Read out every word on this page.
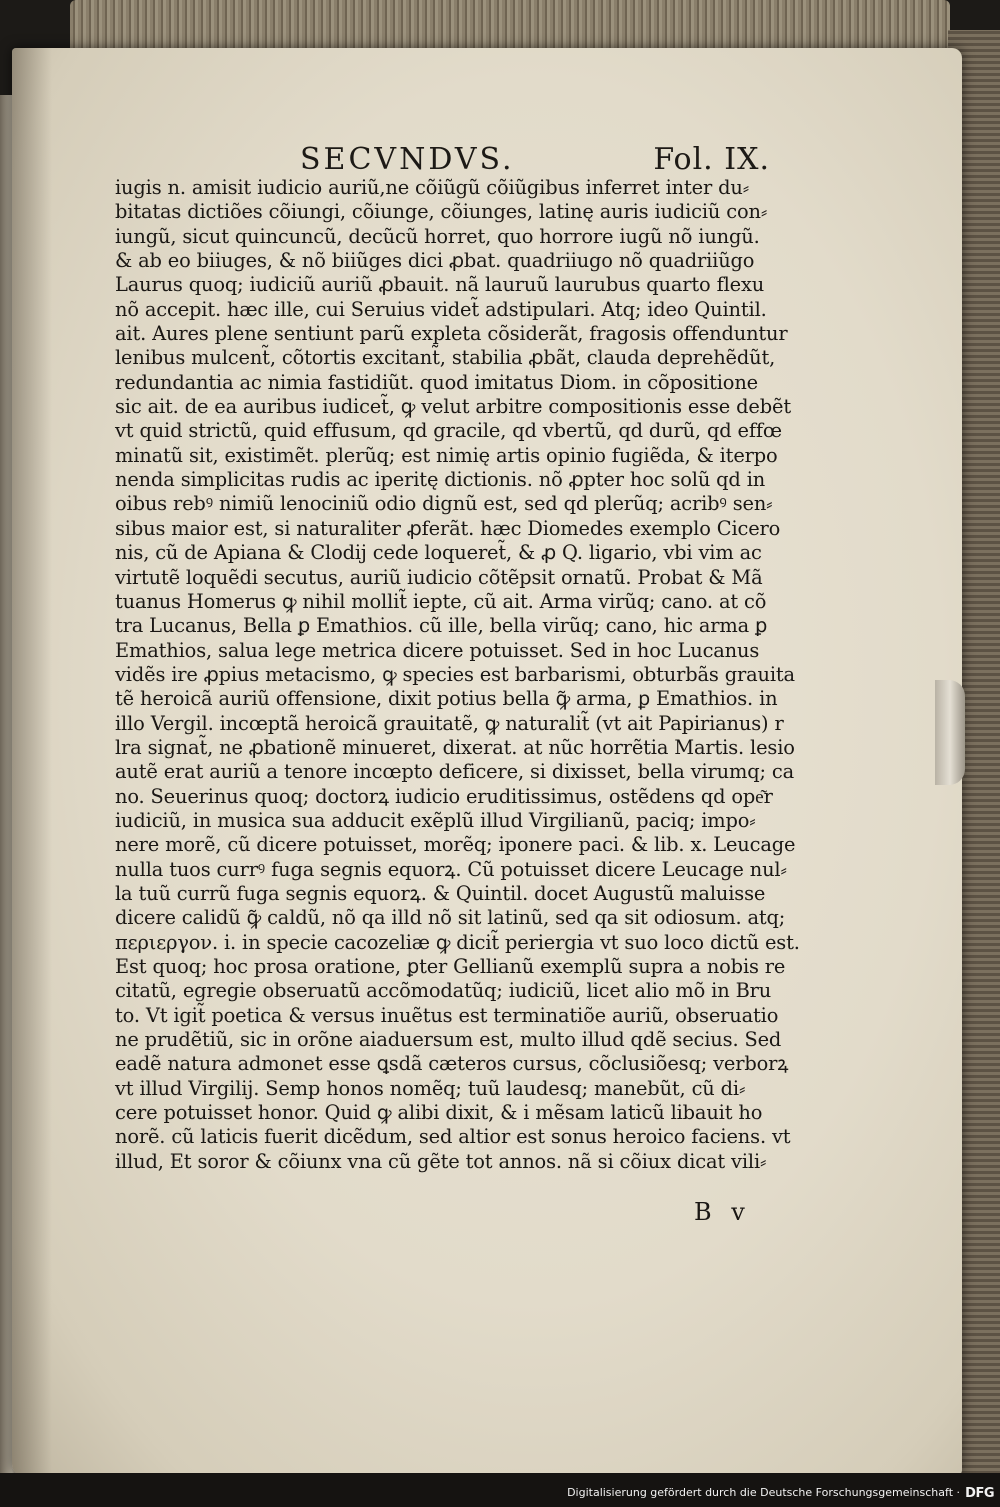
SECVNDVS.	Fol. IX.
iugis n. amisit iudicio auriũ,ne cõiũgũ cõiũgibus inferret inter du⸗
bitatas dictiões cõiungi, cõiunge, cõiunges, latinę auris iudiciũ con⸗
iungũ, sicut quincuncũ, decũcũ horret, quo horrore iugũ nõ iungũ.
& ab eo biiuges, & nõ biiũges dici ꝓbat. quadriiugo nõ quadriiũgo
Laurus quoq; iudiciũ auriũ ꝓbauit. nã lauruũ laurubus quarto flexu
nõ accepit. hæc ille, cui Seruius videt̃ adstipulari. Atq; ideo Quintil.
ait. Aures plene sentiunt parũ expleta cõsiderãt, fragosis offenduntur
lenibus mulcent̃, cõtortis excitant̃, stabilia ꝓbãt, clauda deprehẽdũt,
redundantia ac nimia fastidiũt. quod imitatus Diom. in cõpositione
sic ait. de ea auribus iudicet̃, ꝙ velut arbitre compositionis esse debẽt
vt quid strictũ, quid effusum, qd gracile, qd vbertũ, qd durũ, qd effœ
minatũ sit, existimẽt. plerũq; est nimię artis opinio fugiẽda, & iterpo
nenda simplicitas rudis ac iperitę dictionis. nõ ꝓpter hoc solũ qd in
oibus rebꝰ nimiũ lenociniũ odio dignũ est, sed qd plerũq; acribꝰ sen⸗
sibus maior est, si naturaliter ꝓferãt. hæc Diomedes exemplo Cicero
nis, cũ de Apiana & Clodij cede loqueret̃, & ꝓ Q. ligario, vbi vim ac
virtutẽ loquẽdi secutus, auriũ iudicio cõtẽpsit ornatũ. Probat & Mã
tuanus Homerus ꝙ nihil mollit̃ iepte, cũ ait. Arma virũq; cano. at cõ
tra Lucanus, Bella ꝑ Emathios. cũ ille, bella virũq; cano, hic arma ꝑ
Emathios, salua lege metrica dicere potuisset. Sed in hoc Lucanus
vidẽs ire ꝓpius metacismo, ꝙ species est barbarismi, obturbãs grauita
tẽ heroicã auriũ offensione, dixit potius bella ꝙ̃ arma, ꝑ Emathios. in
illo Vergil. incœptã heroicã grauitatẽ, ꝙ naturalit̃ (vt ait Papirianus) r
lra signat̃, ne ꝓbationẽ minueret, dixerat. at nũc horrẽtia Martis. lesio
autẽ erat auriũ a tenore incœpto deficere, si dixisset, bella virumq; ca
no. Seuerinus quoq; doctorꝝ iudicio eruditissimus, ostẽdens qd ope͂r
iudiciũ, in musica sua adducit exẽplũ illud Virgilianũ, paciq; impo⸗
nere morẽ, cũ dicere potuisset, morẽq; iponere paci. & lib. x. Leucage
nulla tuos currꝰ fuga segnis equorꝝ. Cũ potuisset dicere Leucage nul⸗
la tuũ currũ fuga segnis equorꝝ. & Quintil. docet Augustũ maluisse
dicere calidũ ꝙ̃ caldũ, nõ qa illd nõ sit latinũ, sed qa sit odiosum. atq;
περιεργον. i. in specie cacozeliæ ꝙ dicit̃ periergia vt suo loco dictũ est.
Est quoq; hoc prosa oratione, ꝑter Gellianũ exemplũ supra a nobis re
citatũ, egregie obseruatũ accõmodatũq; iudiciũ, licet alio mõ in Bru
to. Vt igit̃ poetica & versus inuẽtus est terminatiõe auriũ, obseruatio
ne prudẽtiũ, sic in orõne aiaduersum est, multo illud qdẽ secius. Sed
eadẽ natura admonet esse ꝗsdã cæteros cursus, cõclusiõesq; verborꝝ
vt illud Virgilij. Semp honos nomẽq; tuũ laudesq; manebũt, cũ di⸗
cere potuisset honor. Quid ꝙ alibi dixit, & i mẽsam laticũ libauit ho
norẽ. cũ laticis fuerit dicẽdum, sed altior est sonus heroico faciens. vt
illud, Et soror & cõiunx vna cũ gẽte tot annos. nã si cõiux dicat vili⸗
B v
Digitalisierung gefördert durch die Deutsche Forschungsgemeinschaft · DFG
